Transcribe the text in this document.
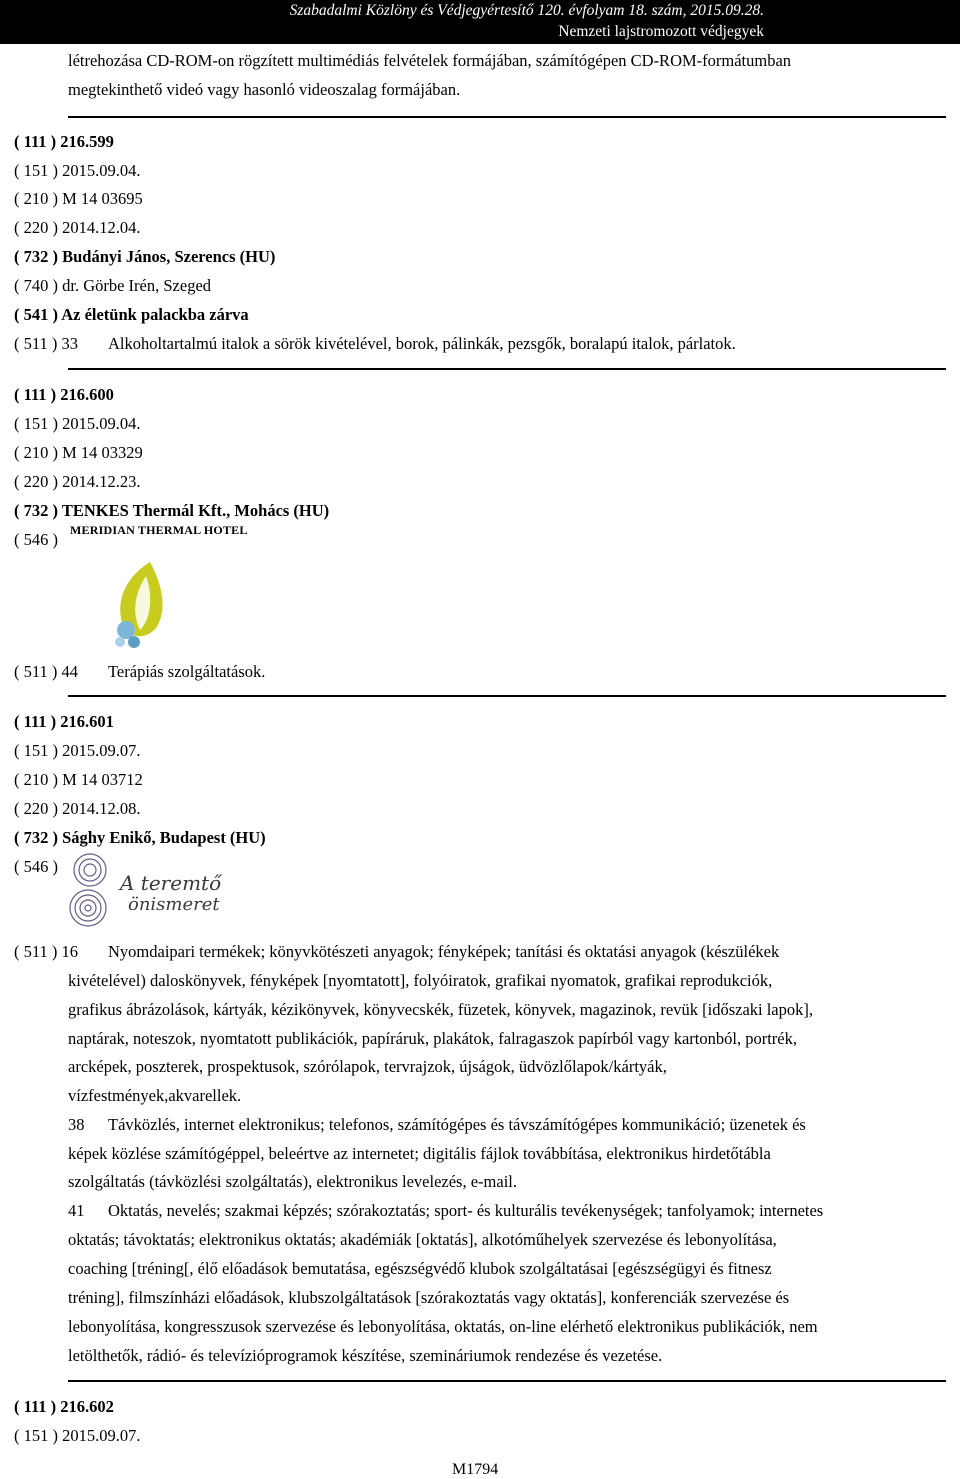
Szabadalmi Közlöny és Védjegyértesítő 120. évfolyam 18. szám, 2015.09.28.
Nemzeti lajstromozott védjegyek
létrehozása CD-ROM-on rögzített multimédiás felvételek formájában, számítógépen CD-ROM-formátumban
megtekinthető videó vagy hasonló videoszalag formájában.
( 111 ) 216.599
( 151 ) 2015.09.04.
( 210 ) M 14 03695
( 220 ) 2014.12.04.
( 732 ) Budányi János, Szerencs (HU)
( 740 ) dr. Görbe Irén, Szeged
( 541 ) Az életünk palackba zárva
( 511 ) 33 Alkoholtartalmú italok a sörök kivételével, borok, pálinkák, pezsgők, boralapú italok, párlatok.
( 111 ) 216.600
( 151 ) 2015.09.04.
( 210 ) M 14 03329
( 220 ) 2014.12.23.
( 732 ) TENKES Thermál Kft., Mohács (HU)
( 546 ) MERIDIAN THERMAL HOTEL
( 511 ) 44 Terápiás szolgáltatások.
( 111 ) 216.601
( 151 ) 2015.09.07.
( 210 ) M 14 03712
( 220 ) 2014.12.08.
( 732 ) Sághy Enikő, Budapest (HU)
( 546 )
A teremtő
önismeret
( 511 ) 16 Nyomdaipari termékek; könyvkötészeti anyagok; fényképek; tanítási és oktatási anyagok (készülékek
kivételével) daloskönyvek, fényképek [nyomtatott], folyóiratok, grafikai nyomatok, grafikai reprodukciók,
grafikus ábrázolások, kártyák, kézikönyvek, könyvecskék, füzetek, könyvek, magazinok, revük [időszaki lapok],
naptárak, noteszok, nyomtatott publikációk, papíráruk, plakátok, falragaszok papírból vagy kartonból, portrék,
arcképek, poszterek, prospektusok, szórólapok, tervrajzok, újságok, üdvözlőlapok/kártyák,
vízfestmények,akvarellek.
38 Távközlés, internet elektronikus; telefonos, számítógépes és távszámítógépes kommunikáció; üzenetek és
képek közlése számítógéppel, beleértve az internetet; digitális fájlok továbbítása, elektronikus hirdetőtábla
szolgáltatás (távközlési szolgáltatás), elektronikus levelezés, e-mail.
41 Oktatás, nevelés; szakmai képzés; szórakoztatás; sport- és kulturális tevékenységek; tanfolyamok; internetes
oktatás; távoktatás; elektronikus oktatás; akadémiák [oktatás], alkotóműhelyek szervezése és lebonyolítása,
coaching [tréning[, élő előadások bemutatása, egészségvédő klubok szolgáltatásai [egészségügyi és fitnesz
tréning], filmszínházi előadások, klubszolgáltatások [szórakoztatás vagy oktatás], konferenciák szervezése és
lebonyolítása, kongresszusok szervezése és lebonyolítása, oktatás, on-line elérhető elektronikus publikációk, nem
letölthetők, rádió- és televízióprogramok készítése, szemináriumok rendezése és vezetése.
( 111 ) 216.602
( 151 ) 2015.09.07.
M1794
